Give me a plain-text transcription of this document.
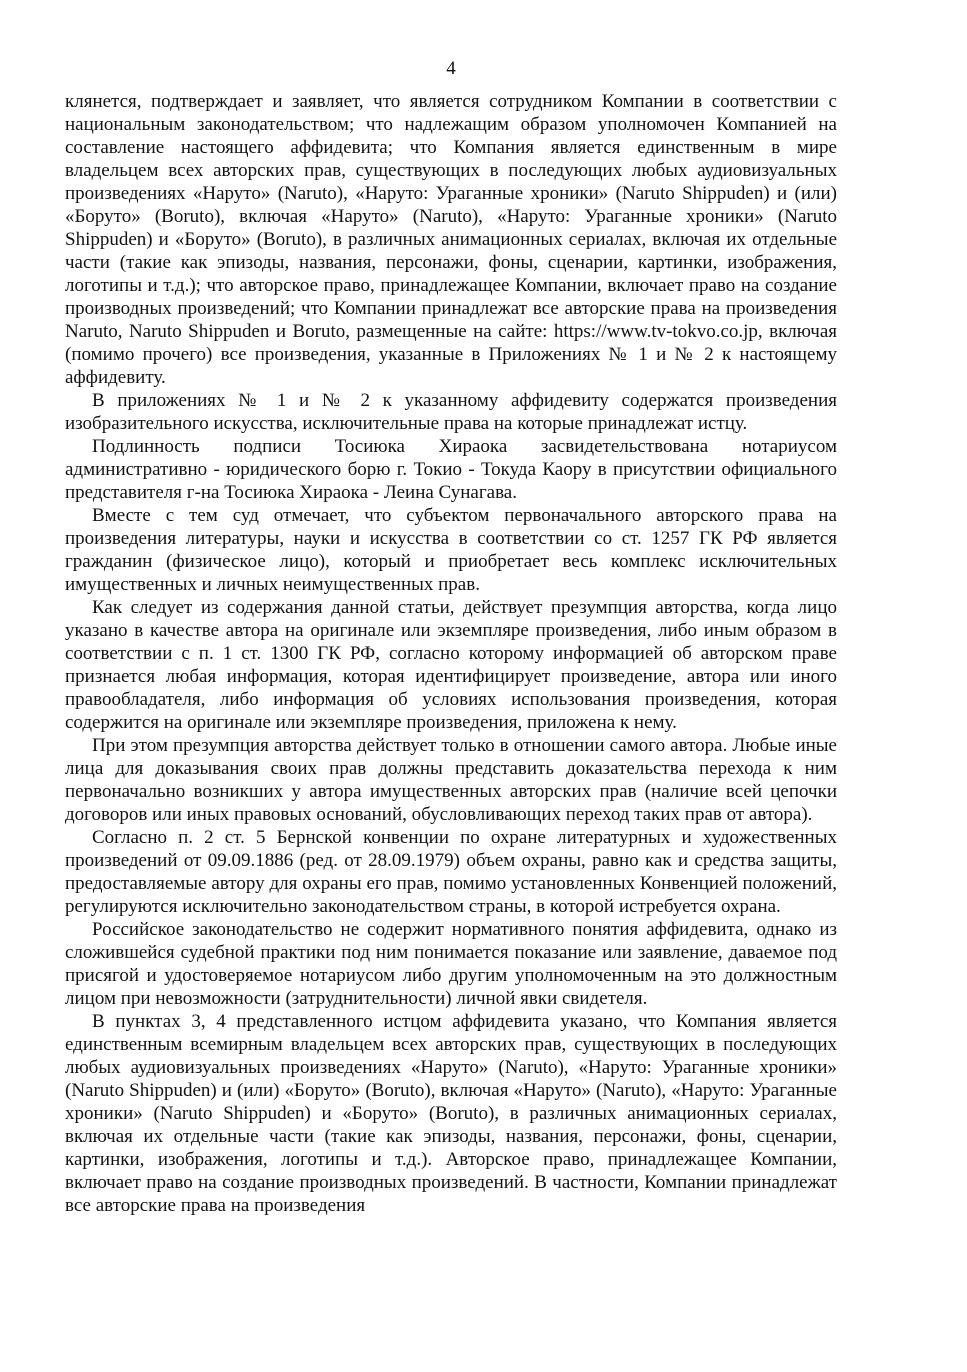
4

клянется, подтверждает и заявляет, что является сотрудником Компании в соответствии с национальным законодательством; что надлежащим образом уполномочен Компанией на составление настоящего аффидевита; что Компания является единственным в мире владельцем всех авторских прав, существующих в последующих любых аудиовизуальных произведениях «Наруто» (Naruto), «Наруто: Ураганные хроники» (Naruto Shippuden) и (или) «Боруто» (Boruto), включая «Наруто» (Naruto), «Наруто: Ураганные хроники» (Naruto Shippuden) и «Боруто» (Boruto), в различных анимационных сериалах, включая их отдельные части (такие как эпизоды, названия, персонажи, фоны, сценарии, картинки, изображения, логотипы и т.д.); что авторское право, принадлежащее Компании, включает право на создание производных произведений; что Компании принадлежат все авторские права на произведения Naruto, Naruto Shippuden и Boruto, размещенные на сайте: https://www.tv-tokvo.co.jp, включая (помимо прочего) все произведения, указанные в Приложениях № 1 и № 2 к настоящему аффидевиту.

В приложениях № 1 и № 2 к указанному аффидевиту содержатся произведения изобразительного искусства, исключительные права на которые принадлежат истцу.

Подлинность подписи Тосиюка Хираока засвидетельствована нотариусом административно - юридического борю г. Токио - Токуда Каору в присутствии официального представителя г-на Тосиюка Хираока - Леина Сунагава.

Вместе с тем суд отмечает, что субъектом первоначального авторского права на произведения литературы, науки и искусства в соответствии со ст. 1257 ГК РФ является гражданин (физическое лицо), который и приобретает весь комплекс исключительных имущественных и личных неимущественных прав.

Как следует из содержания данной статьи, действует презумпция авторства, когда лицо указано в качестве автора на оригинале или экземпляре произведения, либо иным образом в соответствии с п. 1 ст. 1300 ГК РФ, согласно которому информацией об авторском праве признается любая информация, которая идентифицирует произведение, автора или иного правообладателя, либо информация об условиях использования произведения, которая содержится на оригинале или экземпляре произведения, приложена к нему.

При этом презумпция авторства действует только в отношении самого автора. Любые иные лица для доказывания своих прав должны представить доказательства перехода к ним первоначально возникших у автора имущественных авторских прав (наличие всей цепочки договоров или иных правовых оснований, обусловливающих переход таких прав от автора).

Согласно п. 2 ст. 5 Бернской конвенции по охране литературных и художественных произведений от 09.09.1886 (ред. от 28.09.1979) объем охраны, равно как и средства защиты, предоставляемые автору для охраны его прав, помимо установленных Конвенцией положений, регулируются исключительно законодательством страны, в которой истребуется охрана.

Российское законодательство не содержит нормативного понятия аффидевита, однако из сложившейся судебной практики под ним понимается показание или заявление, даваемое под присягой и удостоверяемое нотариусом либо другим уполномоченным на это должностным лицом при невозможности (затруднительности) личной явки свидетеля.

В пунктах 3, 4 представленного истцом аффидевита указано, что Компания является единственным всемирным владельцем всех авторских прав, существующих в последующих любых аудиовизуальных произведениях «Наруто» (Naruto), «Наруто: Ураганные хроники» (Naruto Shippuden) и (или) «Боруто» (Boruto), включая «Наруто» (Naruto), «Наруто: Ураганные хроники» (Naruto Shippuden) и «Боруто» (Boruto), в различных анимационных сериалах, включая их отдельные части (такие как эпизоды, названия, персонажи, фоны, сценарии, картинки, изображения, логотипы и т.д.). Авторское право, принадлежащее Компании, включает право на создание производных произведений. В частности, Компании принадлежат все авторские права на произведения
